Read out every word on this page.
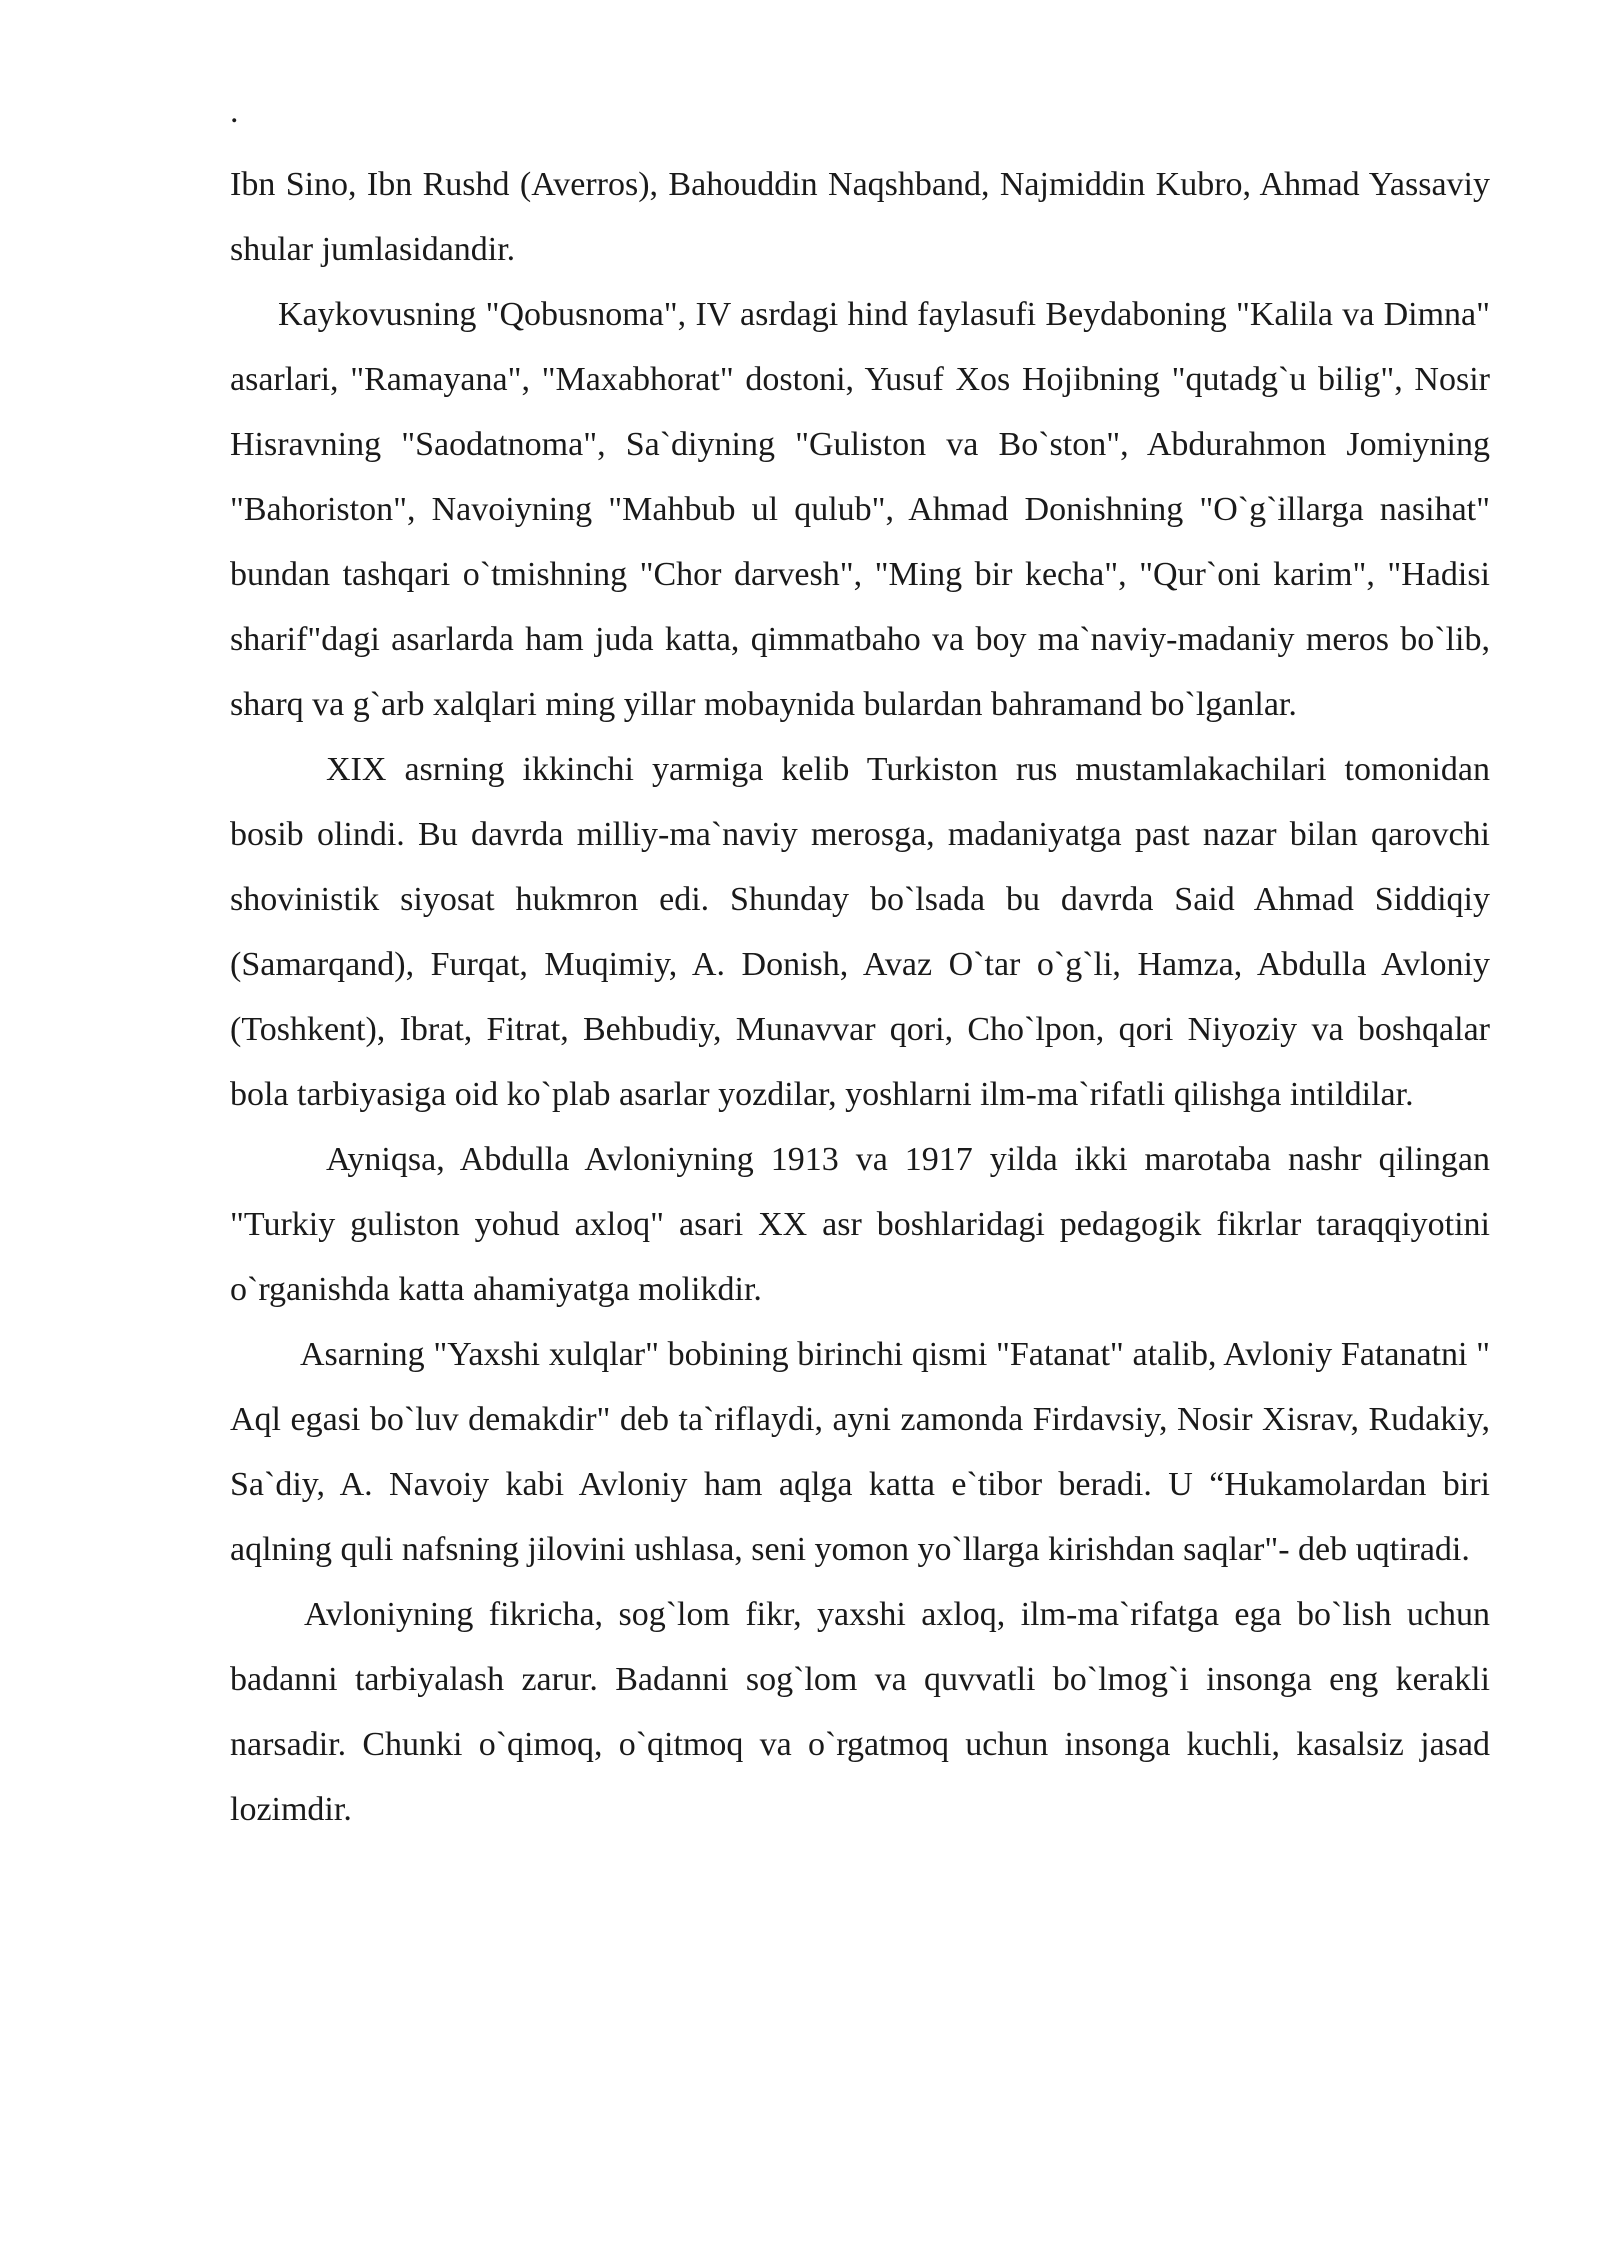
.

Ibn Sino, Ibn Rushd (Averros), Bahouddin Naqshband, Najmiddin Kubro, Ahmad Yassaviy shular jumlasidandir.

Kaykovusning "Qobusnoma", IV asrdagi hind faylasufi Beydaboning "Kalila va Dimna" asarlari, "Ramayana", "Maxabhorat" dostoni, Yusuf Xos Hojibning "qutadg`u bilig", Nosir Hisravning "Saodatnoma", Sa`diyning "Guliston va Bo`ston", Abdurahmon Jomiyning "Bahoriston", Navoiyning "Mahbub ul qulub", Ahmad Donishning "O`g`illarga nasihat" bundan tashqari o`tmishning "Chor darvesh", "Ming bir kecha", "Qur`oni karim", "Hadisi sharif"dagi asarlarda ham juda katta, qimmatbaho va boy ma`naviy-madaniy meros bo`lib, sharq va g`arb xalqlari ming yillar mobaynida bulardan bahramand bo`lganlar.

XIX asrning ikkinchi yarmiga kelib Turkiston rus mustamlakachilari tomonidan bosib olindi. Bu davrda milliy-ma`naviy merosga, madaniyatga past nazar bilan qarovchi shovinistik siyosat hukmron edi. Shunday bo`lsada bu davrda Said Ahmad Siddiqiy (Samarqand), Furqat, Muqimiy, A. Donish, Avaz O`tar o`g`li, Hamza, Abdulla Avloniy (Toshkent), Ibrat, Fitrat, Behbudiy, Munavvar qori, Cho`lpon, qori Niyoziy va boshqalar bola tarbiyasiga oid ko`plab asarlar yozdilar, yoshlarni ilm-ma`rifatli qilishga intildilar.

Ayniqsa, Abdulla Avloniyning 1913 va 1917 yilda ikki marotaba nashr qilingan "Turkiy guliston yohud axloq" asari XX asr boshlaridagi pedagogik fikrlar taraqqiyotini o`rganishda katta ahamiyatga molikdir.

Asarning "Yaxshi xulqlar" bobining birinchi qismi "Fatanat" atalib, Avloniy Fatanatni " Aql egasi bo`luv demakdir" deb ta`riflaydi, ayni zamonda Firdavsiy, Nosir Xisrav, Rudakiy, Sa`diy, A. Navoiy kabi Avloniy ham aqlga katta e`tibor beradi. U “Hukamolardan biri aqlning quli nafsning jilovini ushlasa, seni yomon yo`llarga kirishdan saqlar"- deb uqtiradi.

Avloniyning fikricha, sog`lom fikr, yaxshi axloq, ilm-ma`rifatga ega bo`lish uchun badanni tarbiyalash zarur. Badanni sog`lom va quvvatli bo`lmog`i insonga eng kerakli narsadir. Chunki o`qimoq, o`qitmoq va o`rgatmoq uchun insonga kuchli, kasalsiz jasad lozimdir.
